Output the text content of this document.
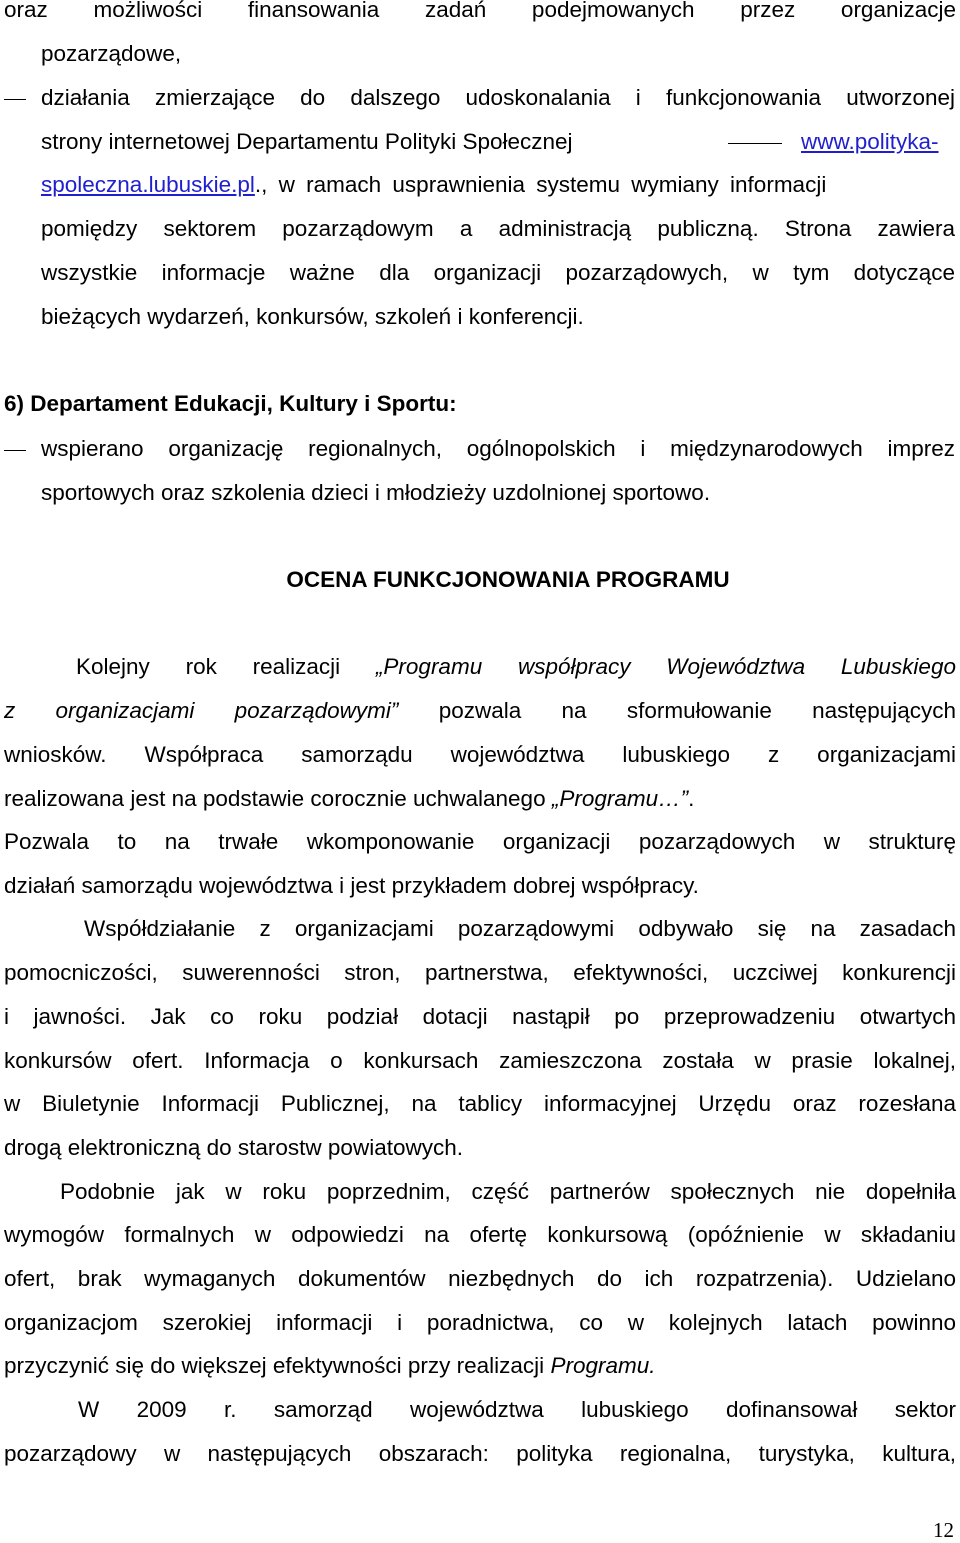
oraz możliwości finansowania zadań podejmowanych przez organizacje
pozarządowe,
działania zmierzające do dalszego udoskonalania i funkcjonowania utworzonej
strony internetowej Departamentu Polityki Społecznej	www.polityka-
spoleczna.lubuskie.pl., w ramach usprawnienia systemu wymiany informacji
pomiędzy sektorem pozarządowym a administracją publiczną. Strona zawiera
wszystkie informacje ważne dla organizacji pozarządowych, w tym dotyczące
bieżących wydarzeń, konkursów, szkoleń i konferencji.
6) Departament Edukacji, Kultury i Sportu:
wspierano organizację regionalnych, ogólnopolskich i międzynarodowych imprez
sportowych oraz szkolenia dzieci i młodzieży uzdolnionej sportowo.
OCENA FUNKCJONOWANIA PROGRAMU
Kolejny rok realizacji „Programu współpracy Województwa Lubuskiego
z organizacjami pozarządowymi” pozwala na sformułowanie następujących
wniosków. Współpraca samorządu województwa lubuskiego z organizacjami
realizowana jest na podstawie corocznie uchwalanego „Programu…”.
Pozwala to na trwałe wkomponowanie organizacji pozarządowych w strukturę
działań samorządu województwa i jest przykładem dobrej współpracy.
Współdziałanie z organizacjami pozarządowymi odbywało się na zasadach
pomocniczości, suwerenności stron, partnerstwa, efektywności, uczciwej konkurencji
i jawności. Jak co roku podział dotacji nastąpił po przeprowadzeniu otwartych
konkursów ofert. Informacja o konkursach zamieszczona została w prasie lokalnej,
w Biuletynie Informacji Publicznej, na tablicy informacyjnej Urzędu oraz rozesłana
drogą elektroniczną do starostw powiatowych.
Podobnie jak w roku poprzednim, część partnerów społecznych nie dopełniła
wymogów formalnych w odpowiedzi na ofertę konkursową (opóźnienie w składaniu
ofert, brak wymaganych dokumentów niezbędnych do ich rozpatrzenia). Udzielano
organizacjom szerokiej informacji i poradnictwa, co w kolejnych latach powinno
przyczynić się do większej efektywności przy realizacji Programu.
W 2009 r. samorząd województwa lubuskiego dofinansował sektor
pozarządowy w następujących obszarach: polityka regionalna, turystyka, kultura,
12
